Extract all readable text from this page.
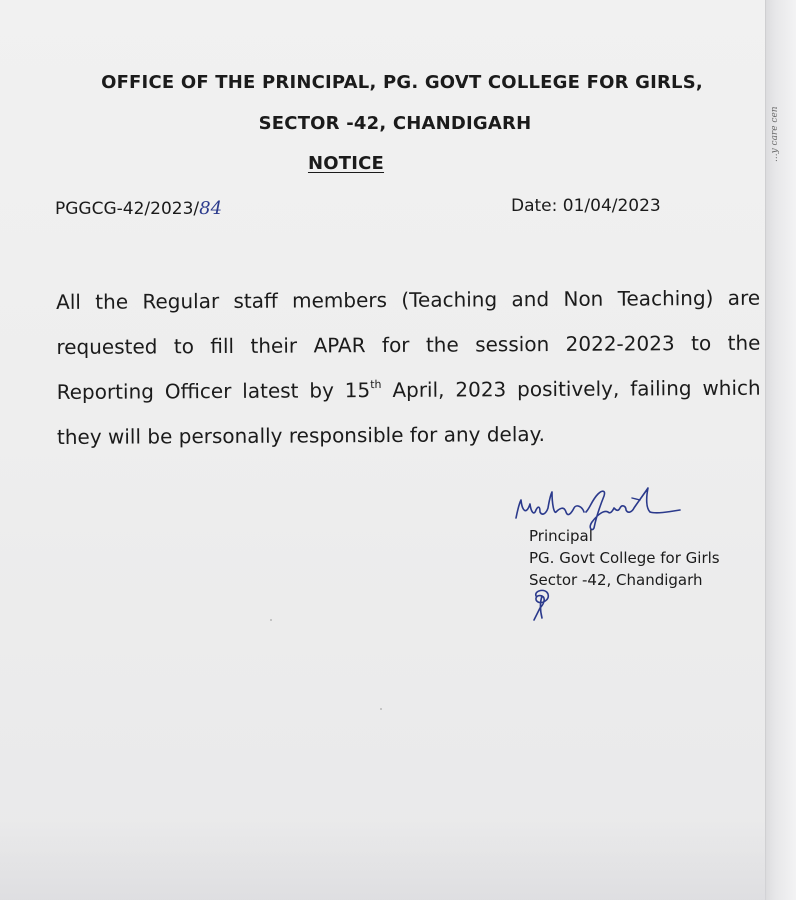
...y care cen

OFFICE OF THE PRINCIPAL, PG. GOVT COLLEGE FOR GIRLS,

SECTOR -42, CHANDIGARH

NOTICE

PGGCG-42/2023/84	Date: 01/04/2023
All the Regular staff members (Teaching and Non Teaching) are requested to fill their APAR for the session 2022-2023 to the Reporting Officer latest by 15th April, 2023 positively, failing which they will be personally responsible for any delay.
Principal
PG. Govt College for Girls
Sector -42, Chandigarh
